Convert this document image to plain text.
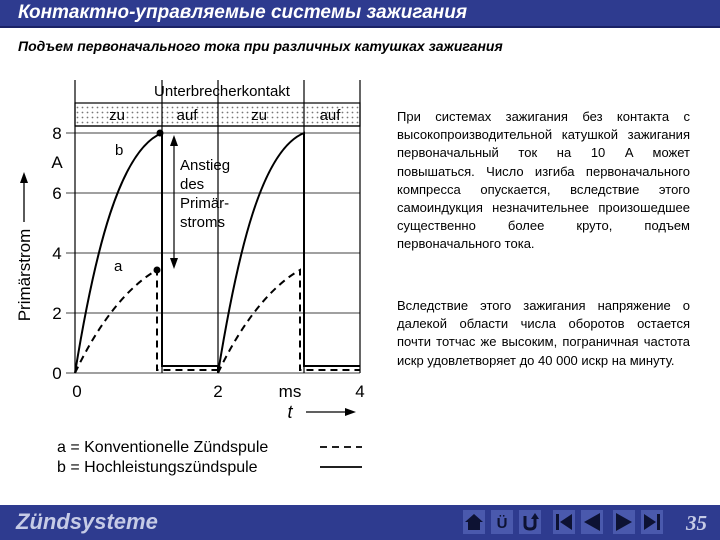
Контактно-управляемые системы зажигания
Подъем первоначального тока при различных катушках зажигания
Unterbrecherkontakt
zu	auf	zu	auf
8
A
6
4
2
0
Primärstrom
0	2	ms	4
t
Anstieg
des
Primär-
stroms
b
a
a = Konventionelle Zündspule
b = Hochleistungszündspule
При системах зажигания без контакта с высокопроизводительной катушкой зажигания первоначальный ток на 10 A может повышаться. Число изгиба первоначального компресса опускается, вследствие этого самоиндукция незначительнее произошедшее существенно более круто, подъем первоначального тока.
Вследствие этого зажигания напряжение о далекой области числа оборотов остается почти тотчас же высоким, пограничная частота искр удовлетворяет до 40 000 искр на минуту.
Zündsysteme	Ü	35
